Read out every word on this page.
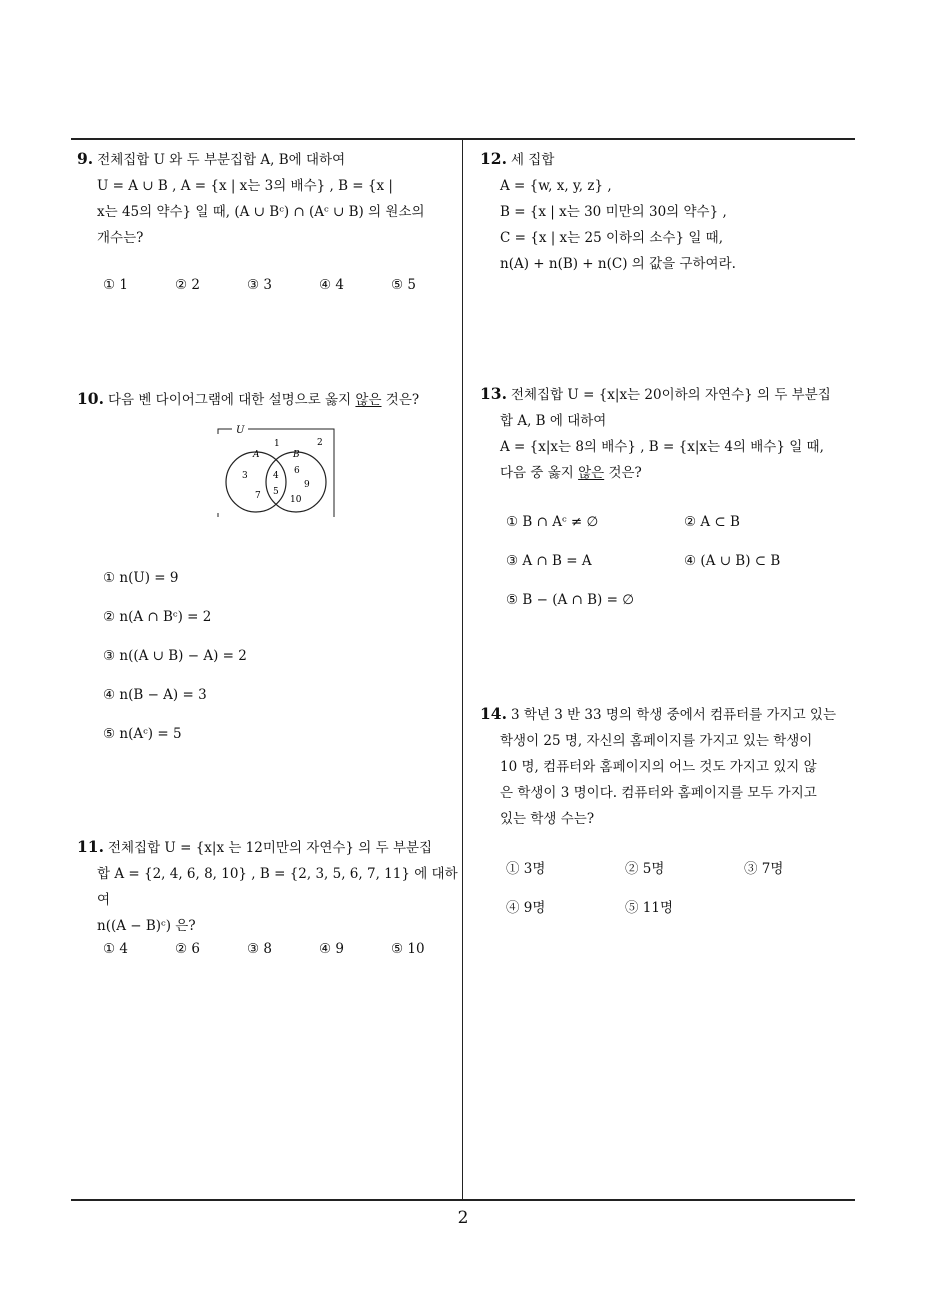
9. 전체집합 U 와 두 부분집합 A, B에 대하여
U = A ∪ B , A = {x | x는 3의 배수} , B = {x |
x는 45의 약수} 일 때, (A ∪ Bᶜ) ∩ (Aᶜ ∪ B) 의 원소의
개수는?
① 1	② 2	③ 3	④ 4	⑤ 5
10. 다음 벤 다이어그램에 대한 설명으로 옳지 않은 것은?
U
A	B
1	2
3
7
4
5
6
9
10
① n(U) = 9
② n(A ∩ Bᶜ) = 2
③ n((A ∪ B) − A) = 2
④ n(B − A) = 3
⑤ n(Aᶜ) = 5
11. 전체집합 U = {x|x 는 12미만의 자연수} 의 두 부분집
합 A = {2, 4, 6, 8, 10} , B = {2, 3, 5, 6, 7, 11} 에 대하여
n((A − B)ᶜ) 은?
① 4	② 6	③ 8	④ 9	⑤ 10
12. 세 집합
A = {w, x, y, z} ,
B = {x | x는 30 미만의 30의 약수} ,
C = {x | x는 25 이하의 소수} 일 때,
n(A) + n(B) + n(C) 의 값을 구하여라.
13. 전체집합 U = {x|x는 20이하의 자연수} 의 두 부분집
합 A, B 에 대하여
A = {x|x는 8의 배수} , B = {x|x는 4의 배수} 일 때,
다음 중 옳지 않은 것은?
① B ∩ Aᶜ ≠ ∅	② A ⊂ B
③ A ∩ B = A	④ (A ∪ B) ⊂ B
⑤ B − (A ∩ B) = ∅
14. 3 학년 3 반 33 명의 학생 중에서 컴퓨터를 가지고 있는
학생이 25 명, 자신의 홈페이지를 가지고 있는 학생이
10 명, 컴퓨터와 홈페이지의 어느 것도 가지고 있지 않
은 학생이 3 명이다. 컴퓨터와 홈페이지를 모두 가지고
있는 학생 수는?
① 3명	② 5명	③ 7명
④ 9명	⑤ 11명
2
